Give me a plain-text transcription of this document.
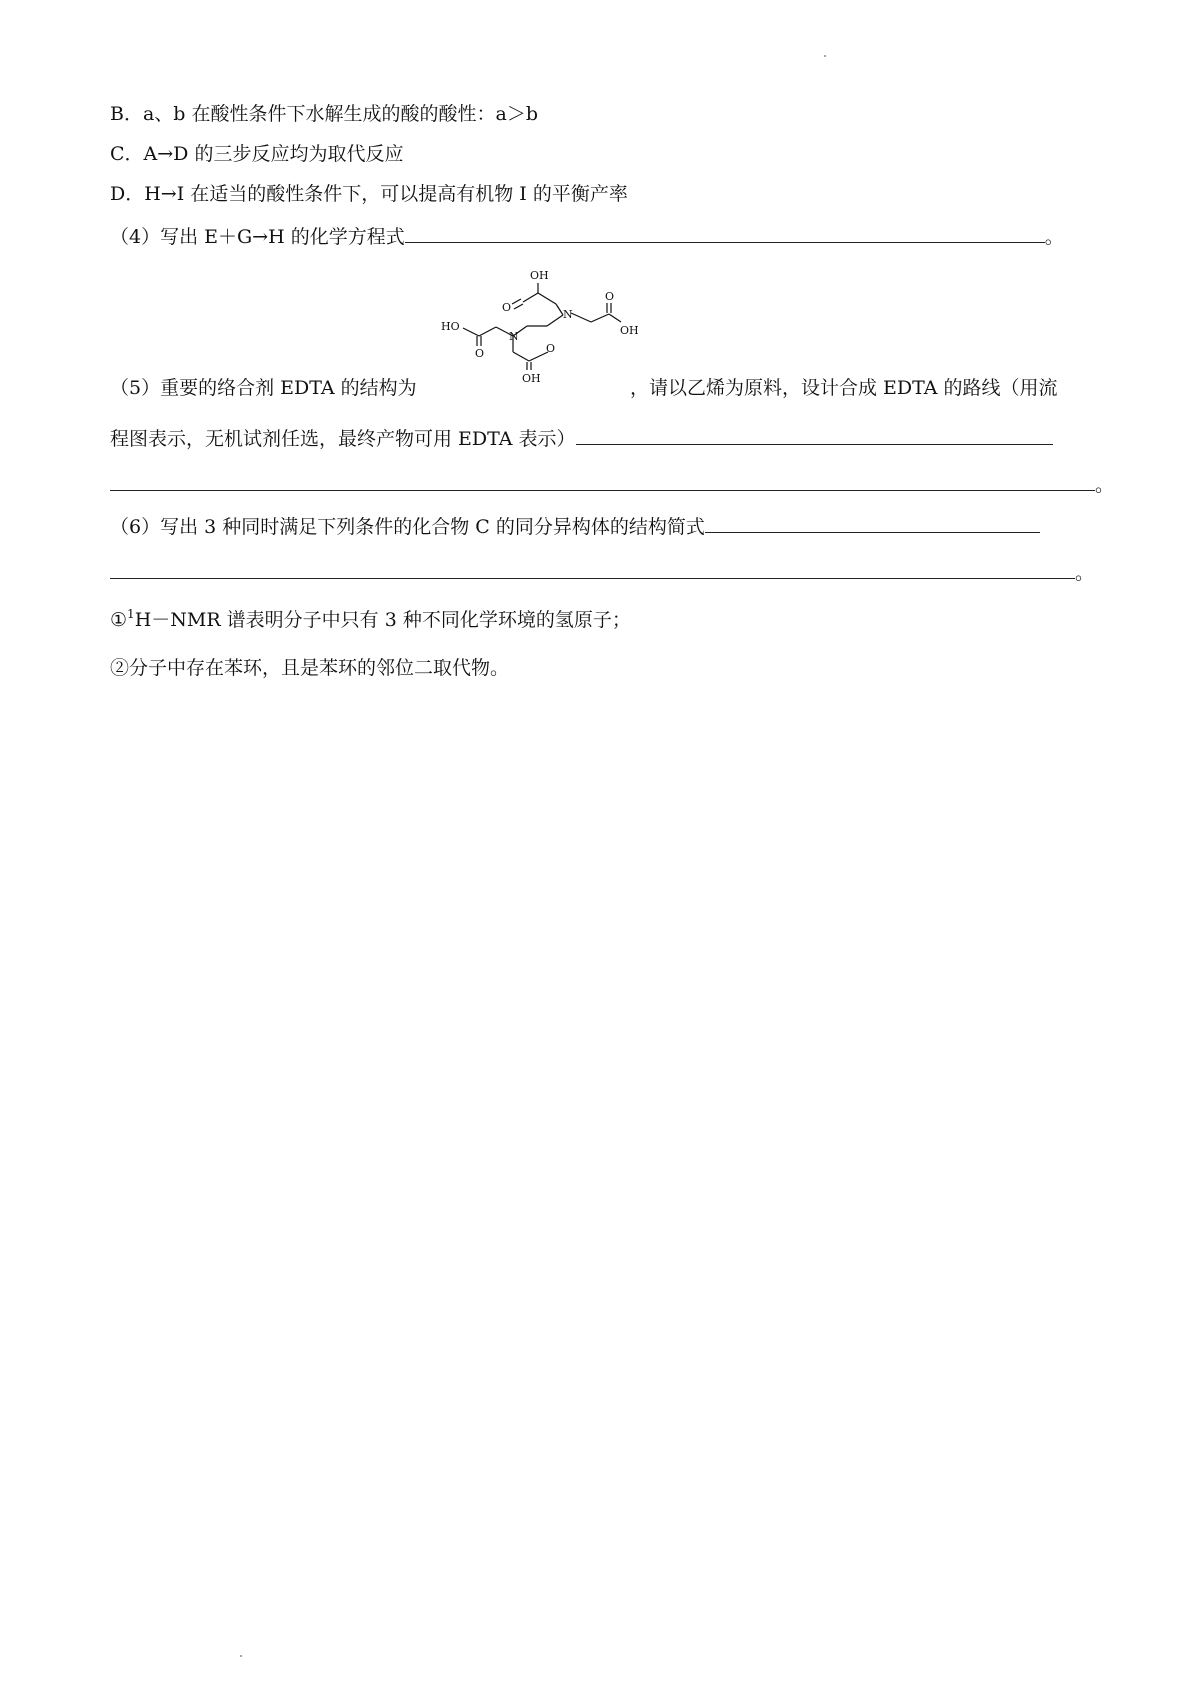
B．a、b 在酸性条件下水解生成的酸的酸性：a＞b
C．A→D 的三步反应均为取代反应
D．H→I 在适当的酸性条件下，可以提高有机物 I 的平衡产率
（4）写出 E＋G→H 的化学方程式	。
OH
O
HO
N
O
N
O
OH
O
OH
（5）重要的络合剂 EDTA 的结构为	，请以乙烯为原料，设计合成 EDTA 的路线（用流
程图表示，无机试剂任选，最终产物可用 EDTA 表示）
。
（6）写出 3 种同时满足下列条件的化合物 C 的同分异构体的结构简式
。
①$^1$H－NMR 谱表明分子中只有 3 种不同化学环境的氢原子；
②分子中存在苯环，且是苯环的邻位二取代物。
